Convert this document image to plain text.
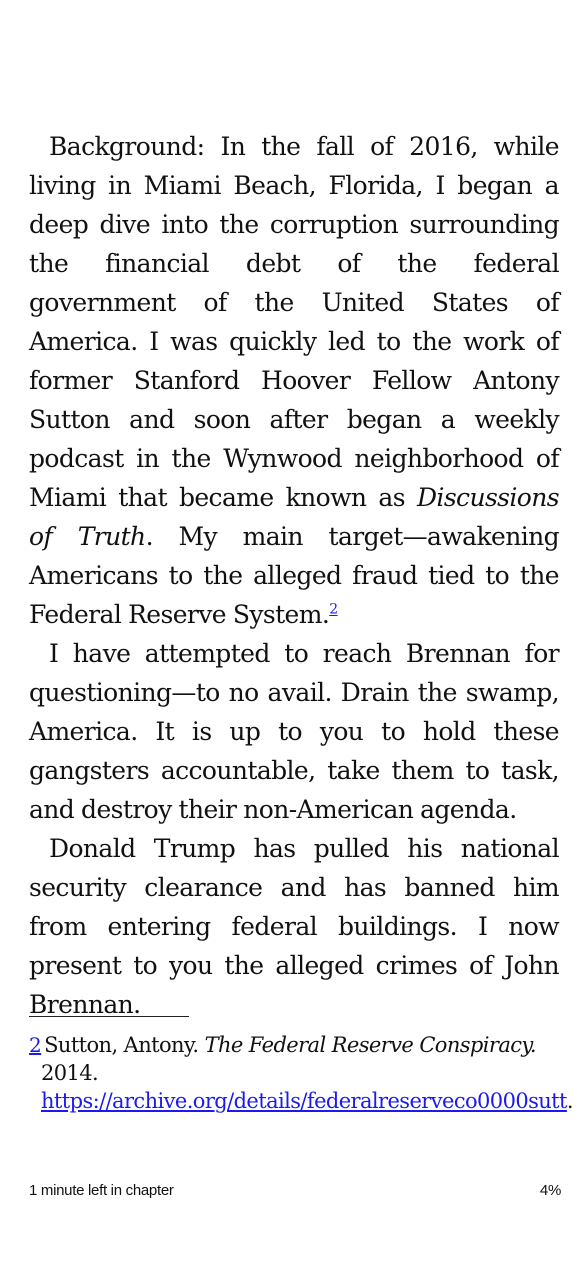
Background: In the fall of 2016, while living in Miami Beach, Florida, I began a deep dive into the corruption surrounding the financial debt of the federal government of the United States of America. I was quickly led to the work of former Stanford Hoover Fellow Antony Sutton and soon after began a weekly podcast in the Wynwood neighborhood of Miami that became known as Discussions of Truth. My main target—awakening Americans to the alleged fraud tied to the Federal Reserve System.$^2$

I have attempted to reach Brennan for questioning—to no avail. Drain the swamp, America. It is up to you to hold these gangsters accountable, take them to task, and destroy their non-American agenda.

Donald Trump has pulled his national security clearance and has banned him from entering federal buildings. I now present to you the alleged crimes of John Brennan.

2 Sutton, Antony. The Federal Reserve Conspiracy. 2014. https://archive.org/details/federalreserveco0000sutt.
1 minute left in chapter	4%
